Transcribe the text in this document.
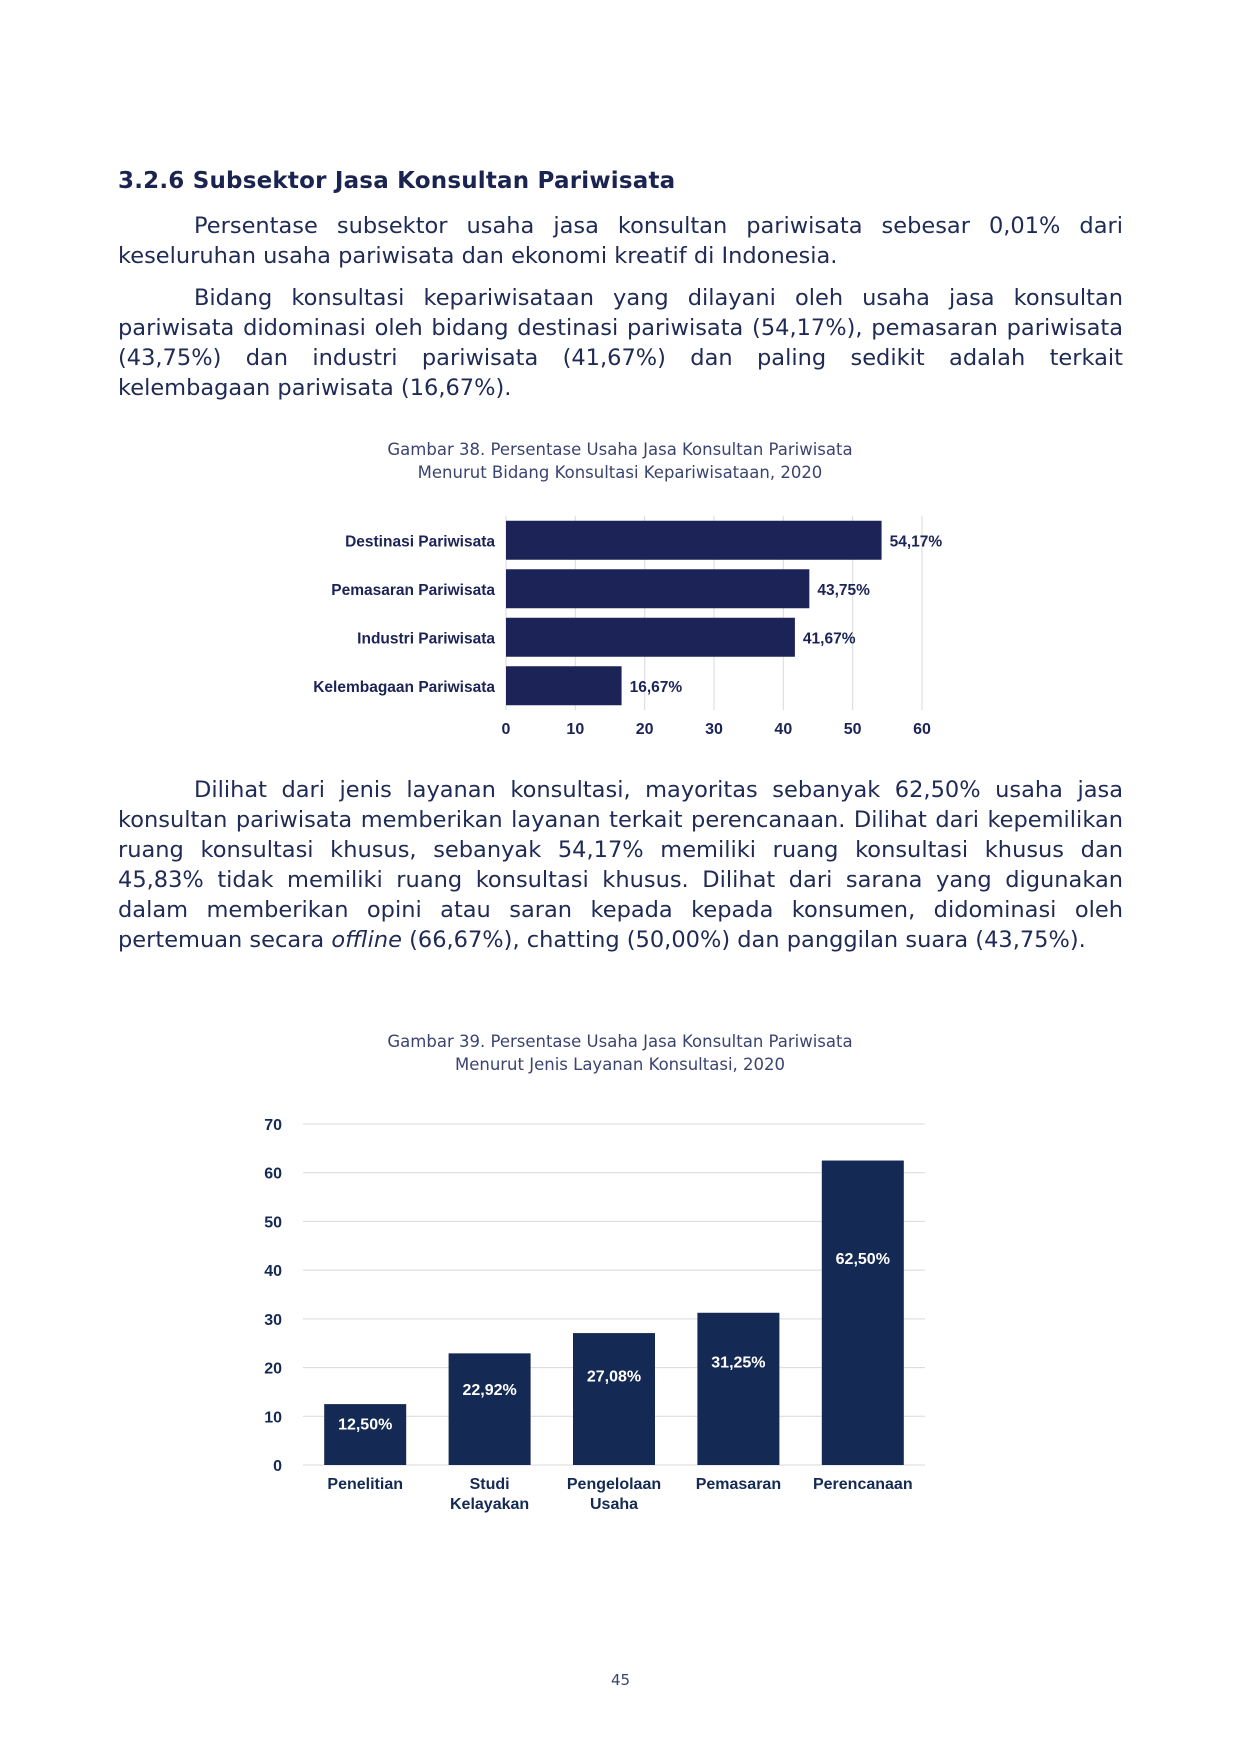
3.2.6 Subsektor Jasa Konsultan Pariwisata

Persentase subsektor usaha jasa konsultan pariwisata sebesar 0,01% dari keseluruhan usaha pariwisata dan ekonomi kreatif di Indonesia.

Bidang konsultasi kepariwisataan yang dilayani oleh usaha jasa konsultan pariwisata didominasi oleh bidang destinasi pariwisata (54,17%), pemasaran pariwisata (43,75%) dan industri pariwisata (41,67%) dan paling sedikit adalah terkait kelembagaan pariwisata (16,67%).

Gambar 38. Persentase Usaha Jasa Konsultan Pariwisata
Menurut Bidang Konsultasi Kepariwisataan, 2020

0	10	20	30	40	50	60
Destinasi Pariwisata	54,17%
Pemasaran Pariwisata	43,75%
Industri Pariwisata	41,67%
Kelembagaan Pariwisata	16,67%

Dilihat dari jenis layanan konsultasi, mayoritas sebanyak 62,50% usaha jasa konsultan pariwisata memberikan layanan terkait perencanaan. Dilihat dari kepemilikan ruang konsultasi khusus, sebanyak 54,17% memiliki ruang konsultasi khusus dan 45,83% tidak memiliki ruang konsultasi khusus. Dilihat dari sarana yang digunakan dalam memberikan opini atau saran kepada kepada konsumen, didominasi oleh pertemuan secara offline (66,67%), chatting (50,00%) dan panggilan suara (43,75%).

Gambar 39. Persentase Usaha Jasa Konsultan Pariwisata
Menurut Jenis Layanan Konsultasi, 2020

0
10
20
30
40
50
60
70
12,50%
Penelitian
22,92%
Studi
Kelayakan
27,08%
Pengelolaan
Usaha
31,25%
Pemasaran
62,50%
Perencanaan
45
